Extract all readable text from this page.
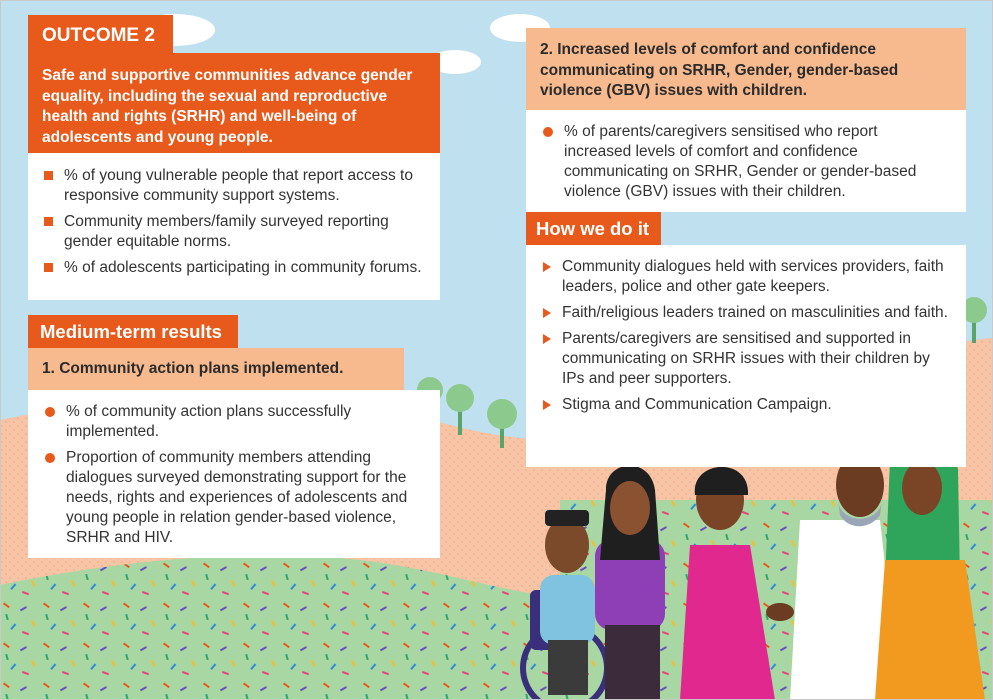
OUTCOME 2
Safe and supportive communities advance gender equality, including the sexual and reproductive health and rights (SRHR) and well-being of adolescents and young people.
% of young vulnerable people that report access to responsive community support systems.
Community members/family surveyed reporting gender equitable norms.
% of adolescents participating in community forums.
Medium-term results
1. Community action plans implemented.
% of community action plans successfully implemented.
Proportion of community members attending dialogues surveyed demonstrating support for the needs, rights and experiences of adolescents and young people in relation gender-based violence, SRHR and HIV.
2. Increased levels of comfort and confidence communicating on SRHR, Gender, gender-based violence (GBV) issues with children.
% of parents/caregivers sensitised who report increased levels of comfort and confidence communicating on SRHR, Gender or gender-based violence (GBV) issues with their children.
How we do it
Community dialogues held with services providers, faith leaders, police and other gate keepers.
Faith/religious leaders trained on masculinities and faith.
Parents/caregivers are sensitised and supported in communicating on SRHR issues with their children by IPs and peer supporters.
Stigma and Communication Campaign.
